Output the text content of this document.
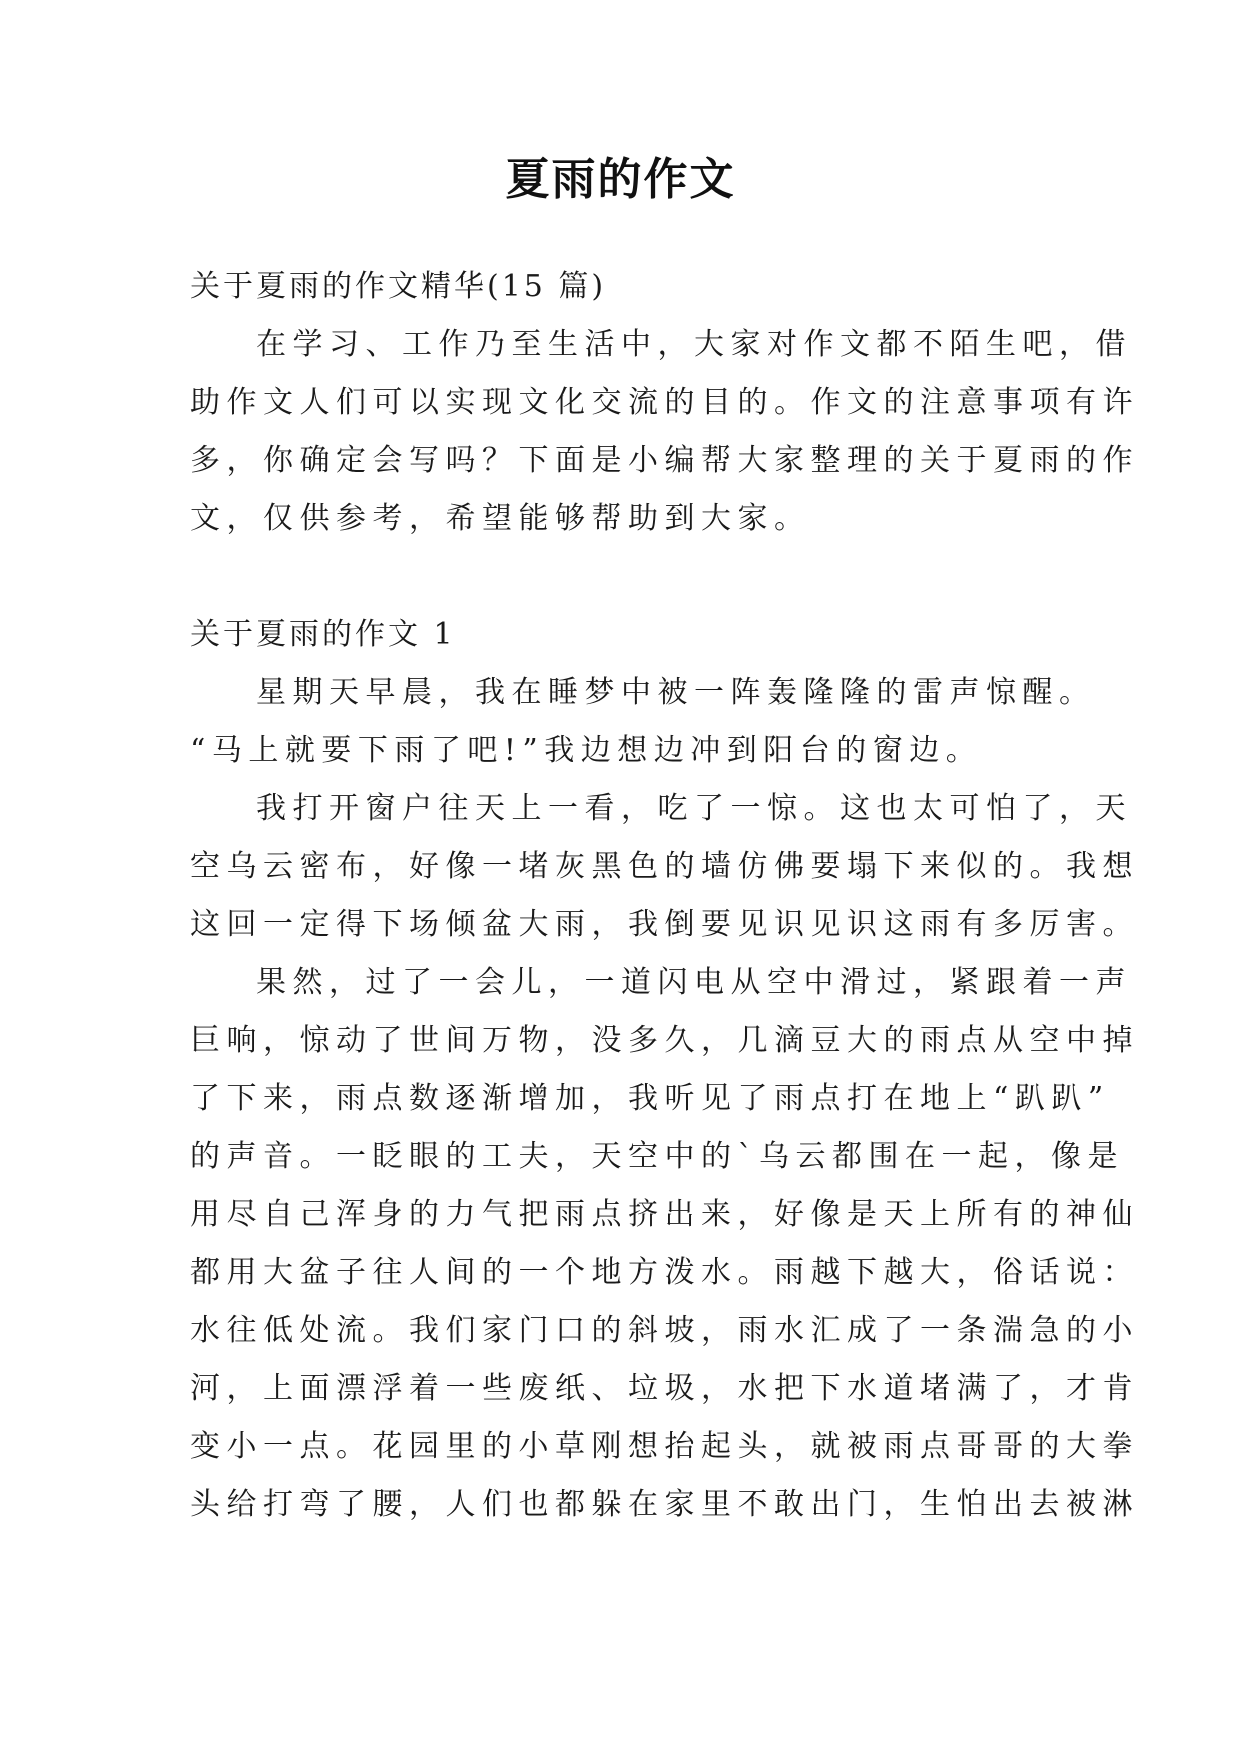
夏雨的作文
关于夏雨的作文精华(15 篇)
在学习、工作乃至生活中，大家对作文都不陌生吧，借
助作文人们可以实现文化交流的目的。作文的注意事项有许
多，你确定会写吗？下面是小编帮大家整理的关于夏雨的作
文，仅供参考，希望能够帮助到大家。
关于夏雨的作文 1
星期天早晨，我在睡梦中被一阵轰隆隆的雷声惊醒。
“马上就要下雨了吧!”我边想边冲到阳台的窗边。
我打开窗户往天上一看，吃了一惊。这也太可怕了，天
空乌云密布，好像一堵灰黑色的墙仿佛要塌下来似的。我想
这回一定得下场倾盆大雨，我倒要见识见识这雨有多厉害。
果然，过了一会儿，一道闪电从空中滑过，紧跟着一声
巨响，惊动了世间万物，没多久，几滴豆大的雨点从空中掉
了下来，雨点数逐渐增加，我听见了雨点打在地上“趴趴”
的声音。一眨眼的工夫，天空中的`乌云都围在一起，像是
用尽自己浑身的力气把雨点挤出来，好像是天上所有的神仙
都用大盆子往人间的一个地方泼水。雨越下越大，俗话说：
水往低处流。我们家门口的斜坡，雨水汇成了一条湍急的小
河，上面漂浮着一些废纸、垃圾，水把下水道堵满了，才肯
变小一点。花园里的小草刚想抬起头，就被雨点哥哥的大拳
头给打弯了腰，人们也都躲在家里不敢出门，生怕出去被淋
